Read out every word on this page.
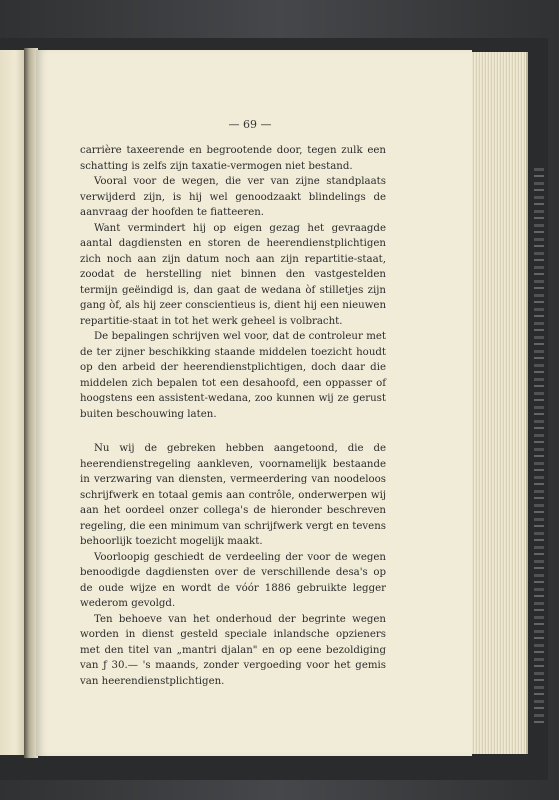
— 69 —

carrière taxeerende en begrootende door, tegen zulk een schatting is zelfs zijn taxatie-vermogen niet bestand.

Vooral voor de wegen, die ver van zijne standplaats verwijderd zijn, is hij wel genoodzaakt blindelings de aanvraag der hoofden te fiatteeren.

Want vermindert hij op eigen gezag het gevraagde aantal dagdiensten en storen de heerendienstplichtigen zich noch aan zijn datum noch aan zijn repartitie-staat, zoodat de herstelling niet binnen den vastgestelden termijn geëindigd is, dan gaat de wedana òf stilletjes zijn gang òf, als hij zeer conscientieus is, dient hij een nieuwen repartitie-staat in tot het werk geheel is volbracht.

De bepalingen schrijven wel voor, dat de controleur met de ter zijner beschikking staande middelen toezicht houdt op den arbeid der heerendienstplichtigen, doch daar die middelen zich bepalen tot een desahoofd, een oppasser of hoogstens een assistent-wedana, zoo kunnen wij ze gerust buiten beschouwing laten.

Nu wij de gebreken hebben aangetoond, die de heerendienstregeling aankleven, voornamelijk bestaande in verzwaring van diensten, vermeerdering van noodeloos schrijfwerk en totaal gemis aan contrôle, onderwerpen wij aan het oordeel onzer collega's de hieronder beschreven regeling, die een minimum van schrijfwerk vergt en tevens behoorlijk toezicht mogelijk maakt.

Voorloopig geschiedt de verdeeling der voor de wegen benoodigde dagdiensten over de verschillende desa's op de oude wijze en wordt de vóór 1886 gebruikte legger wederom gevolgd.

Ten behoeve van het onderhoud der begrinte wegen worden in dienst gesteld speciale inlandsche opzieners met den titel van „mantri djalan" en op eene bezoldiging van ƒ 30.— 's maands, zonder vergoeding voor het gemis van heerendienstplichtigen.
